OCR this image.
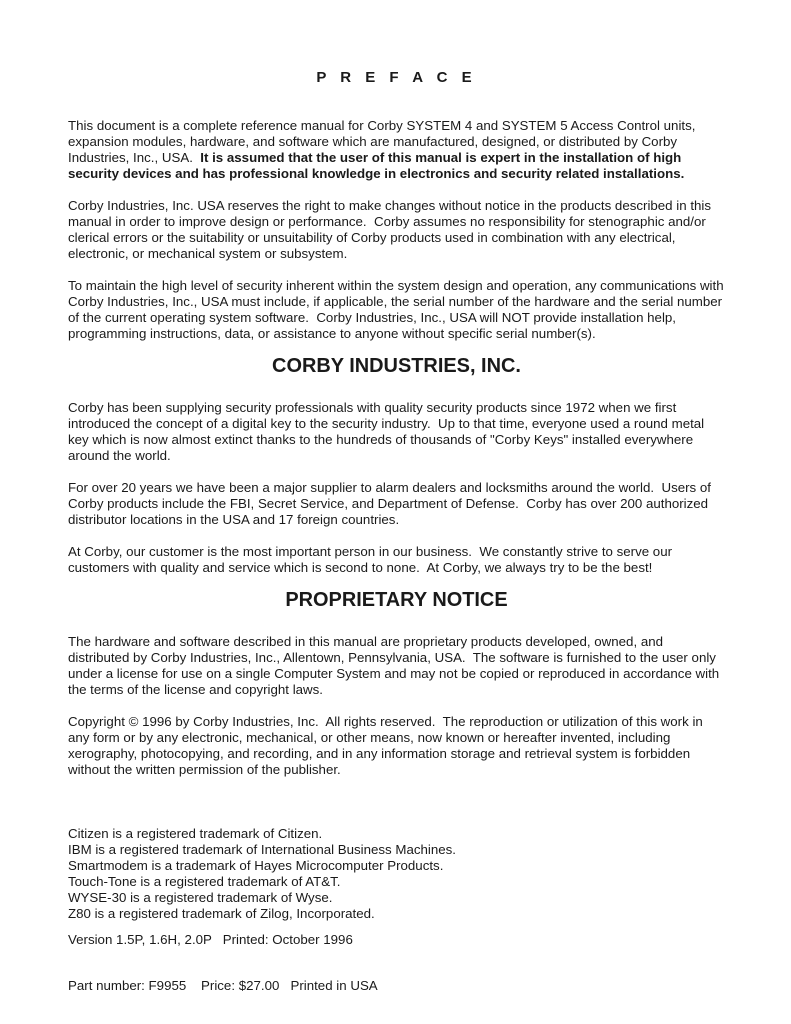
P R E F A C E

This document is a complete reference manual for Corby SYSTEM 4 and SYSTEM 5 Access Control units, expansion modules, hardware, and software which are manufactured, designed, or distributed by Corby Industries, Inc., USA.  It is assumed that the user of this manual is expert in the installation of high security devices and has professional knowledge in electronics and security related installations.

Corby Industries, Inc. USA reserves the right to make changes without notice in the products described in this manual in order to improve design or performance.  Corby assumes no responsibility for stenographic and/or clerical errors or the suitability or unsuitability of Corby products used in combination with any electrical, electronic, or mechanical system or subsystem.

To maintain the high level of security inherent within the system design and operation, any communications with Corby Industries, Inc., USA must include, if applicable, the serial number of the hardware and the serial number of the current operating system software.  Corby Industries, Inc., USA will NOT provide installation help, programming instructions, data, or assistance to anyone without specific serial number(s).

CORBY INDUSTRIES, INC.

Corby has been supplying security professionals with quality security products since 1972 when we first introduced the concept of a digital key to the security industry.  Up to that time, everyone used a round metal key which is now almost extinct thanks to the hundreds of thousands of "Corby Keys" installed everywhere around the world.

For over 20 years we have been a major supplier to alarm dealers and locksmiths around the world.  Users of Corby products include the FBI, Secret Service, and Department of Defense.  Corby has over 200 authorized distributor locations in the USA and 17 foreign countries.

At Corby, our customer is the most important person in our business.  We constantly strive to serve our customers with quality and service which is second to none.  At Corby, we always try to be the best!

PROPRIETARY NOTICE

The hardware and software described in this manual are proprietary products developed, owned, and distributed by Corby Industries, Inc., Allentown, Pennsylvania, USA.  The software is furnished to the user only under a license for use on a single Computer System and may not be copied or reproduced in accordance with the terms of the license and copyright laws.

Copyright © 1996 by Corby Industries, Inc.  All rights reserved.  The reproduction or utilization of this work in any form or by any electronic, mechanical, or other means, now known or hereafter invented, including xerography, photocopying, and recording, and in any information storage and retrieval system is forbidden without the written permission of the publisher.

Citizen is a registered trademark of Citizen.
IBM is a registered trademark of International Business Machines.
Smartmodem is a trademark of Hayes Microcomputer Products.
Touch-Tone is a registered trademark of AT&T.
WYSE-30 is a registered trademark of Wyse.
Z80 is a registered trademark of Zilog, Incorporated.
Version 1.5P, 1.6H, 2.0P   Printed: October 1996
Part number: F9955    Price: $27.00   Printed in USA
